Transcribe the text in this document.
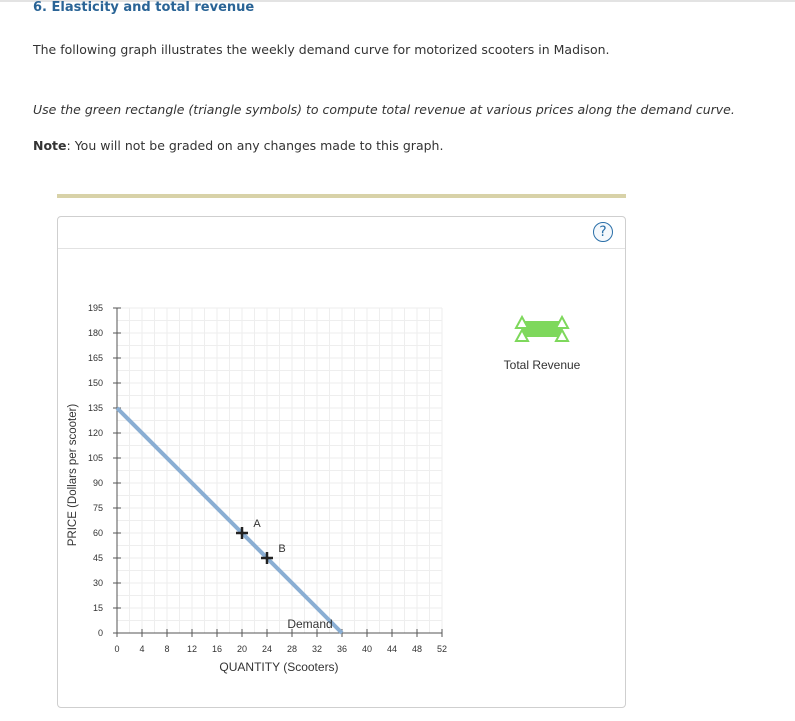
6. Elasticity and total revenue
The following graph illustrates the weekly demand curve for motorized scooters in Madison.
Use the green rectangle (triangle symbols) to compute total revenue at various prices along the demand curve.
Note: You will not be graded on any changes made to this graph.
?
0 4 8 12 16 20 24 28 32 36 40 44 48 52
0
15
30
45
60
75
90
105
120
135
150
165
180
195
A
B
QUANTITY (Scooters)
PRICE (Dollars per scooter)
Demand
Total Revenue
